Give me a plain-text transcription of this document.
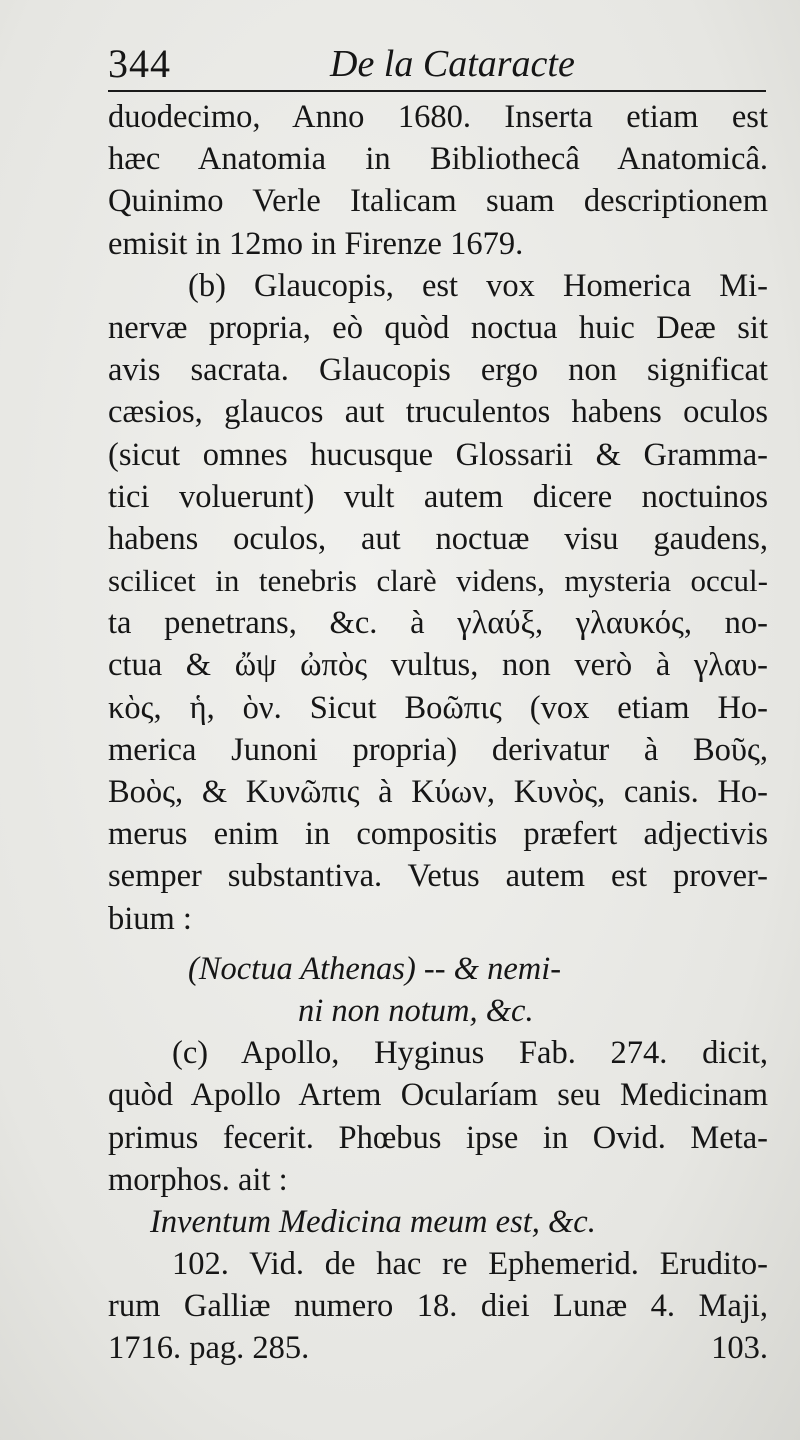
344	De la Cataracte
duodecimo, Anno 1680. Inserta etiam est
hæc Anatomia in Bibliothecâ Anatomicâ.
Quinimo Verle Italicam suam descriptionem
emisit in 12mo in Firenze 1679.
(b) Glaucopis, est vox Homerica Mi-
nervæ propria, eò quòd noctua huic Deæ sit
avis sacrata. Glaucopis ergo non significat
cæsios, glaucos aut truculentos habens oculos
(sicut omnes hucusque Glossarii & Gramma-
tici voluerunt) vult autem dicere noctuinos
habens oculos, aut noctuæ visu gaudens,
scilicet in tenebris clarè videns, mysteria occul-
ta penetrans, &c. à γλαύξ, γλαυκός, no-
ctua & ὤψ ὠπὸς vultus, non verò à γλαυ-
κὸς, ἡ, ὸν. Sicut Βοῶπις (vox etiam Ho-
merica Junoni propria) derivatur à Βοῦς,
Βοὸς, & Κυνῶπις à Κύων, Κυνὸς, canis. Ho-
merus enim in compositis præfert adjectivis
semper substantiva. Vetus autem est prover-
bium :
(Noctua Athenas) -- & nemi-
ni non notum, &c.
(c) Apollo, Hyginus Fab. 274. dicit,
quòd Apollo Artem Ocularíam seu Medicinam
primus fecerit. Phœbus ipse in Ovid. Meta-
morphos. ait :
Inventum Medicina meum est, &c.
102. Vid. de hac re Ephemerid. Erudito-
rum Galliæ numero 18. diei Lunæ 4. Maji,
1716. pag. 285.	103.
